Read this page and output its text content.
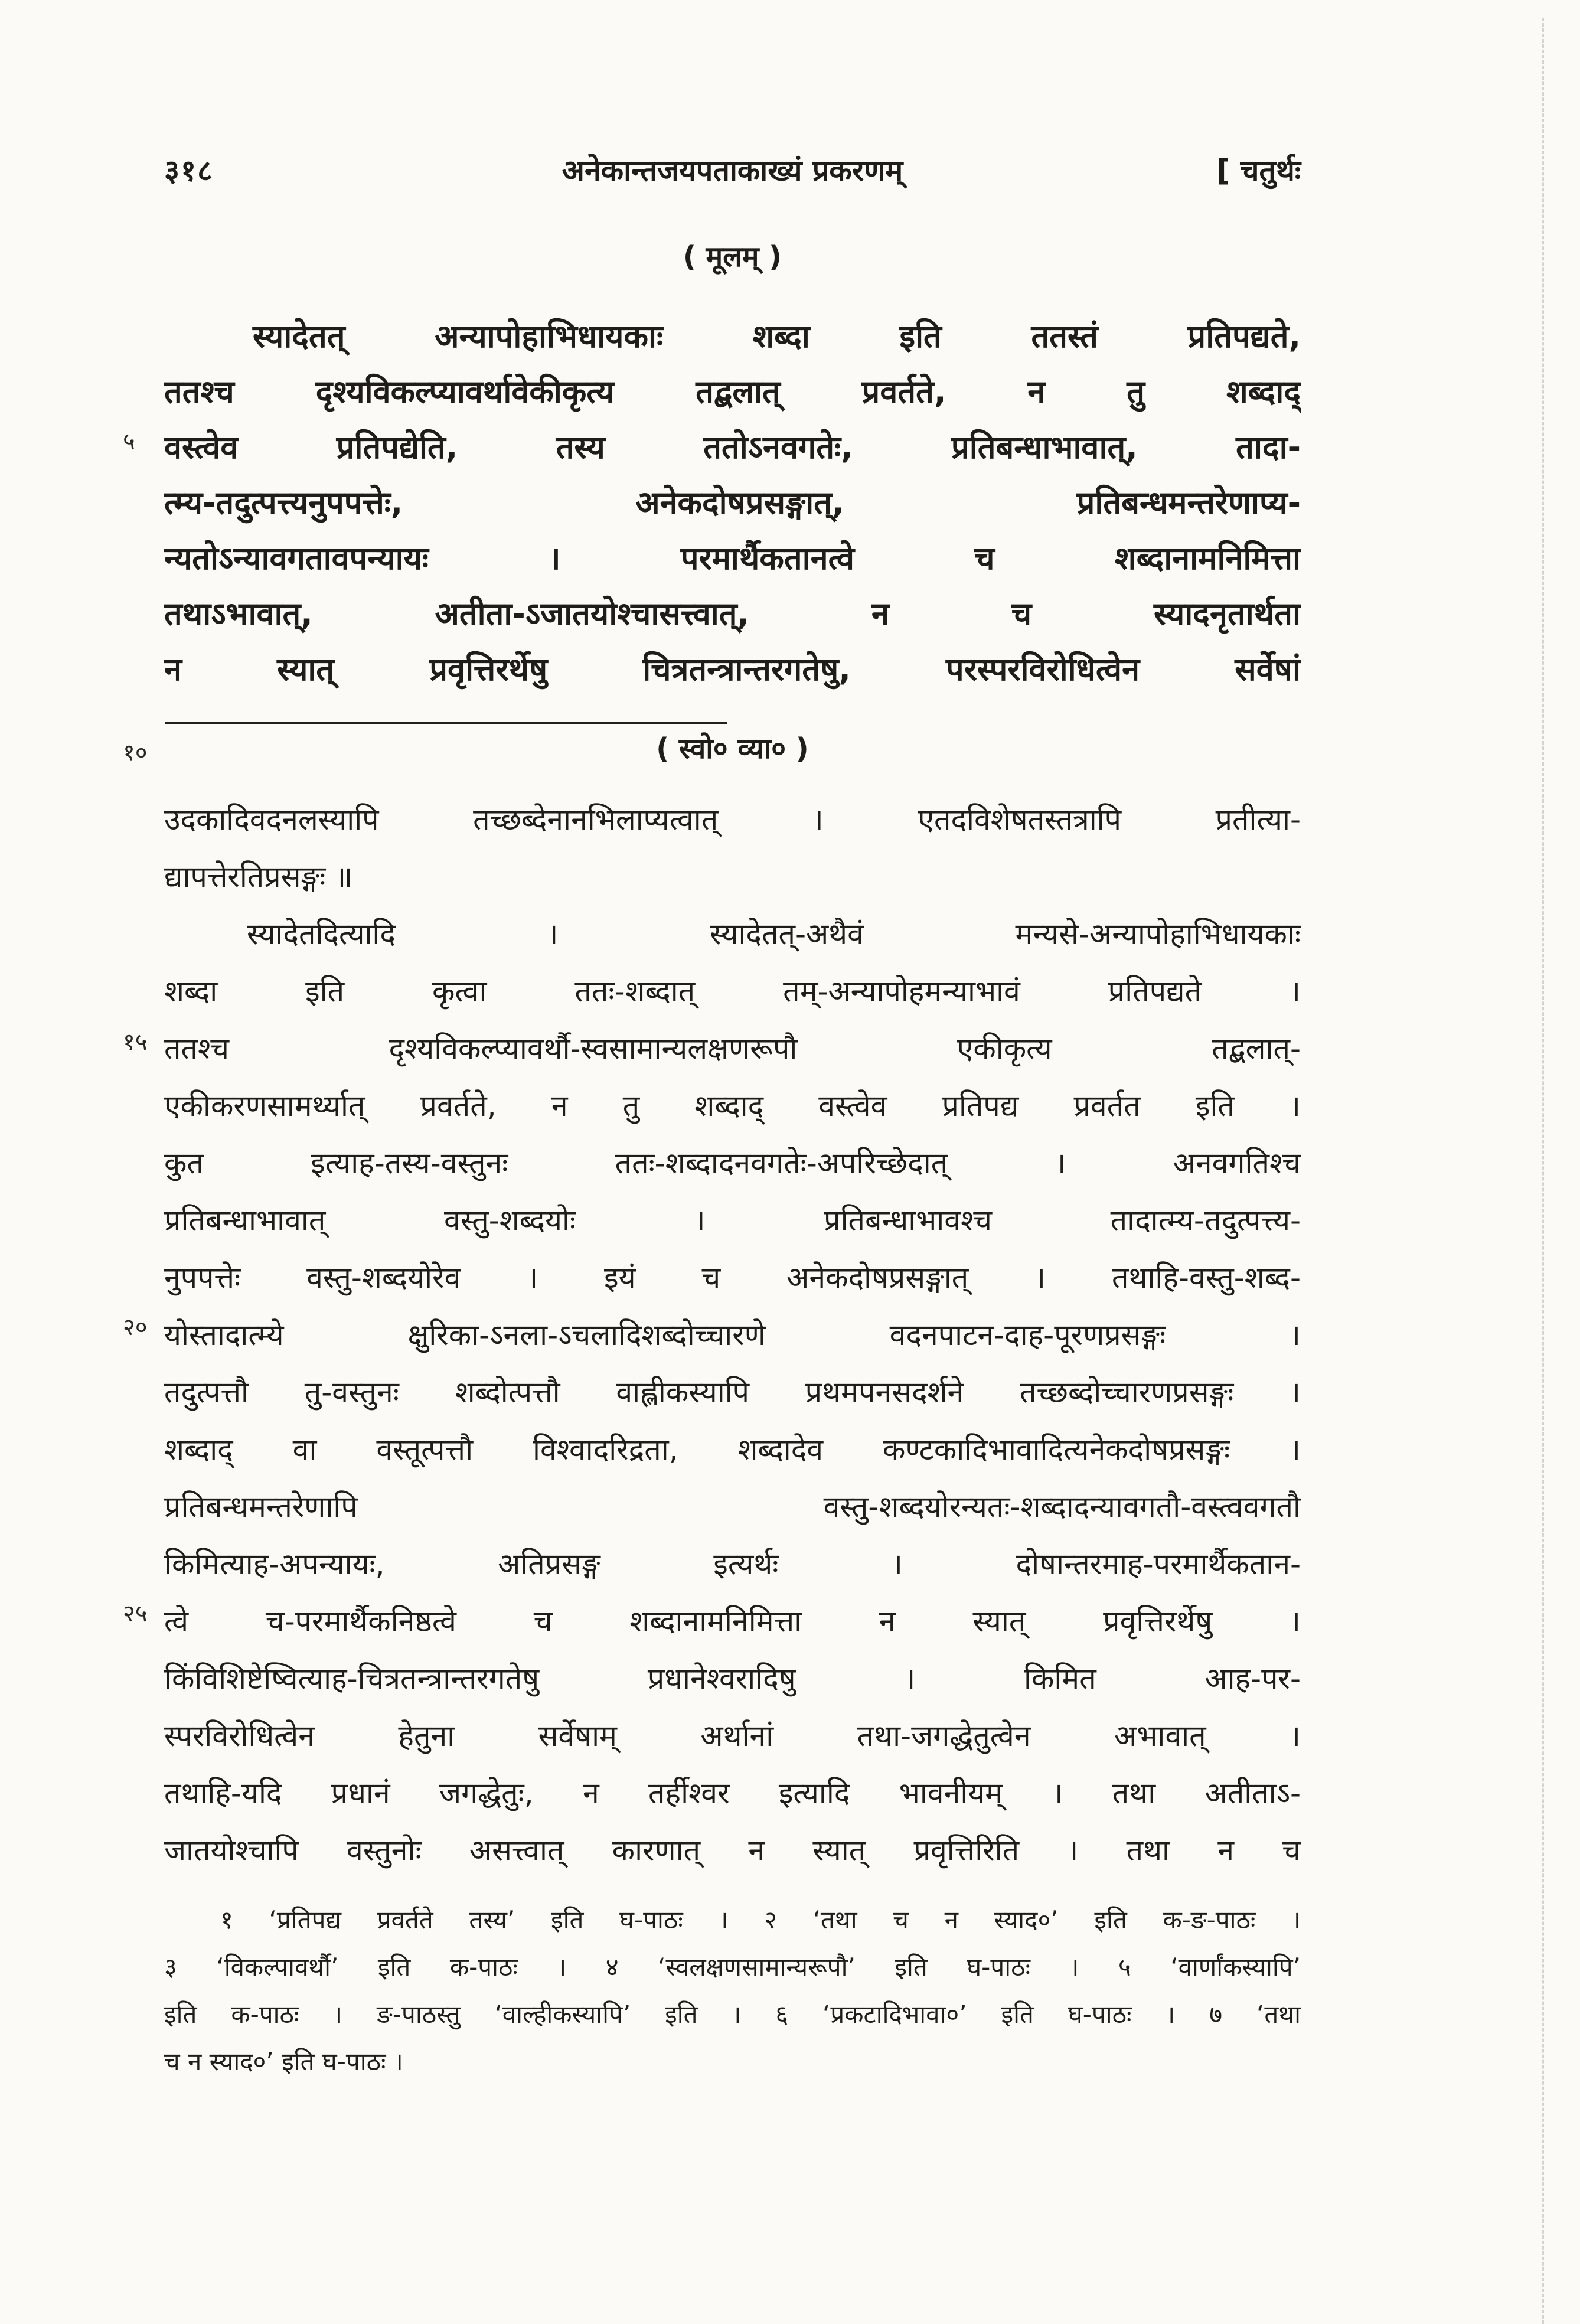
३१८	अनेकान्तजयपताकाख्यं प्रकरणम्	[ चतुर्थः
( मूलम् )
स्यादेतत् अन्यापोहाभिधायकाः शब्दा इति ततस्तं प्रतिपद्यते,
ततश्च दृश्यविकल्प्यावर्थावेकीकृत्य तद्बलात् प्रवर्तते, न तु शब्दाद्
वस्त्वेव प्रतिपद्येति, तस्य ततोऽनवगतेः, प्रतिबन्धाभावात्, तादा-
त्म्य-तदुत्पत्त्यनुपपत्तेः, अनेकदोषप्रसङ्गात्, प्रतिबन्धमन्तरेणाप्य-
न्यतोऽन्यावगतावपन्यायः । परमार्थैकतानत्वे च शब्दानामनिमित्ता
तथाऽभावात्, अतीता-ऽजातयोश्चासत्त्वात्, न च स्यादनृतार्थता
न स्यात् प्रवृत्तिरर्थेषु चित्रतन्त्रान्तरगतेषु, परस्परविरोधित्वेन सर्वेषां
( स्वो० व्या० )
५
१०
१५
२०
२५
उदकादिवदनलस्यापि तच्छब्देनानभिलाप्यत्वात् । एतदविशेषतस्तत्रापि प्रतीत्या-
द्यापत्तेरतिप्रसङ्गः ॥
स्यादेतदित्यादि । स्यादेतत्-अथैवं मन्यसे-अन्यापोहाभिधायकाः
शब्दा इति कृत्वा ततः-शब्दात् तम्-अन्यापोहमन्याभावं प्रतिपद्यते ।
ततश्च दृश्यविकल्प्यावर्थौ-स्वसामान्यलक्षणरूपौ एकीकृत्य तद्बलात्-
एकीकरणसामर्थ्यात् प्रवर्तते, न तु शब्दाद् वस्त्वेव प्रतिपद्य प्रवर्तत इति ।
कुत इत्याह-तस्य-वस्तुनः ततः-शब्दादनवगतेः-अपरिच्छेदात् । अनवगतिश्च
प्रतिबन्धाभावात् वस्तु-शब्दयोः । प्रतिबन्धाभावश्च तादात्म्य-तदुत्पत्त्य-
नुपपत्तेः वस्तु-शब्दयोरेव । इयं च अनेकदोषप्रसङ्गात् । तथाहि-वस्तु-शब्द-
योस्तादात्म्ये क्षुरिका-ऽनला-ऽचलादिशब्दोच्चारणे वदनपाटन-दाह-पूरणप्रसङ्गः ।
तदुत्पत्तौ तु-वस्तुनः शब्दोत्पत्तौ वाह्लीकस्यापि प्रथमपनसदर्शने तच्छब्दोच्चारणप्रसङ्गः ।
शब्दाद् वा वस्तूत्पत्तौ विश्वादरिद्रता, शब्दादेव कण्टकादिभावादित्यनेकदोषप्रसङ्गः ।
प्रतिबन्धमन्तरेणापि वस्तु-शब्दयोरन्यतः-शब्दादन्यावगतौ-वस्त्ववगतौ
किमित्याह-अपन्यायः, अतिप्रसङ्ग इत्यर्थः । दोषान्तरमाह-परमार्थैकतान-
त्वे च-परमार्थैकनिष्ठत्वे च शब्दानामनिमित्ता न स्यात् प्रवृत्तिरर्थेषु ।
किंविशिष्टेष्वित्याह-चित्रतन्त्रान्तरगतेषु प्रधानेश्वरादिषु । किमित आह-पर-
स्परविरोधित्वेन हेतुना सर्वेषाम् अर्थानां तथा-जगद्धेतुत्वेन अभावात् ।
तथाहि-यदि प्रधानं जगद्धेतुः, न तर्हीश्वर इत्यादि भावनीयम् । तथा अतीताऽ-
जातयोश्चापि वस्तुनोः असत्त्वात् कारणात् न स्यात् प्रवृत्तिरिति । तथा न च
१ ‘प्रतिपद्य प्रवर्तते तस्य’ इति घ-पाठः । २ ‘तथा च न स्याद०’ इति क-ङ-पाठः ।
३ ‘विकल्पावर्थौ’ इति क-पाठः । ४ ‘स्वलक्षणसामान्यरूपौ’ इति घ-पाठः । ५ ‘वार्णांकस्यापि’
इति क-पाठः । ङ-पाठस्तु ‘वाल्हीकस्यापि’ इति । ६ ‘प्रकटादिभावा०’ इति घ-पाठः । ७ ‘तथा
च न स्याद०’ इति घ-पाठः ।
